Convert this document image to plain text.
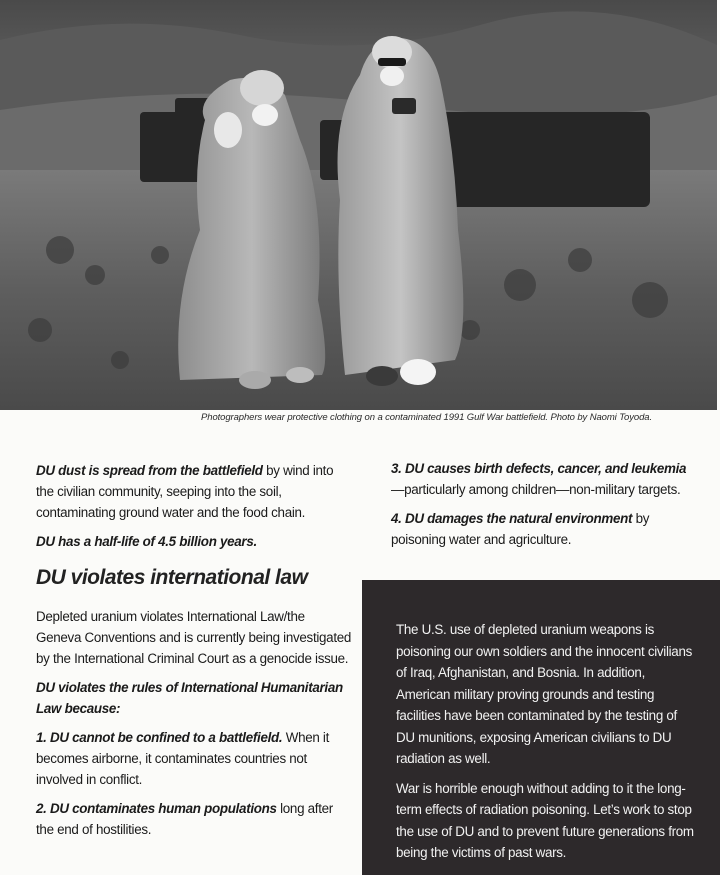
Photographers wear protective clothing on a contaminated 1991 Gulf War battlefield. Photo by Naomi Toyoda.

DU dust is spread from the battlefield by wind into the civilian community, seeping into the soil, contaminating ground water and the food chain.

DU has a half-life of 4.5 billion years.

3. DU causes birth defects, cancer, and leukemia—particularly among children—non-military targets.

4. DU damages the natural environment by poisoning water and agriculture.

DU violates international law

Depleted uranium violates International Law/the Geneva Conventions and is currently being investigated by the International Criminal Court as a genocide issue.

DU violates the rules of International Humanitarian Law because:

1. DU cannot be confined to a battlefield. When it becomes airborne, it contaminates countries not involved in conflict.

2. DU contaminates human populations long after the end of hostilities.

The U.S. use of depleted uranium weapons is poisoning our own soldiers and the innocent civilians of Iraq, Afghanistan, and Bosnia. In addition, American military proving grounds and testing facilities have been contaminated by the testing of DU munitions, exposing American civilians to DU radiation as well.

War is horrible enough without adding to it the long-term effects of radiation poisoning. Let’s work to stop the use of DU and to prevent future generations from being the victims of past wars.
